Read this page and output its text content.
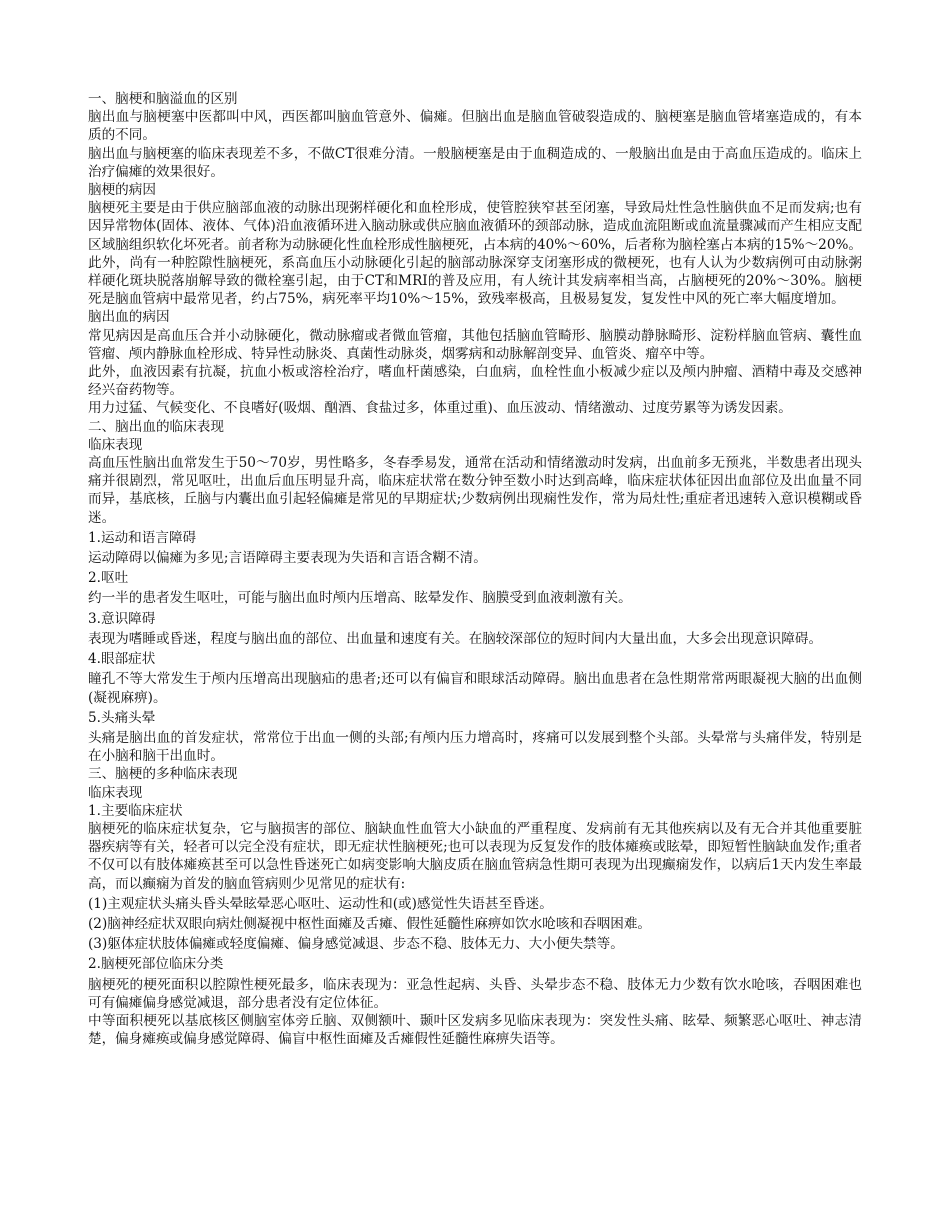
一、脑梗和脑溢血的区别

脑出血与脑梗塞中医都叫中风，西医都叫脑血管意外、偏瘫。但脑出血是脑血管破裂造成的、脑梗塞是脑血管堵塞造成的，有本质的不同。

脑出血与脑梗塞的临床表现差不多，不做CT很难分清。一般脑梗塞是由于血稠造成的、一般脑出血是由于高血压造成的。临床上治疗偏瘫的效果很好。

脑梗的病因

脑梗死主要是由于供应脑部血液的动脉出现粥样硬化和血栓形成，使管腔狭窄甚至闭塞，导致局灶性急性脑供血不足而发病;也有因异常物体(固体、液体、气体)沿血液循环进入脑动脉或供应脑血液循环的颈部动脉，造成血流阻断或血流量骤减而产生相应支配区域脑组织软化坏死者。前者称为动脉硬化性血栓形成性脑梗死，占本病的40%～60%，后者称为脑栓塞占本病的15%～20%。此外，尚有一种腔隙性脑梗死，系高血压小动脉硬化引起的脑部动脉深穿支闭塞形成的微梗死，也有人认为少数病例可由动脉粥样硬化斑块脱落崩解导致的微栓塞引起，由于CT和MRI的普及应用，有人统计其发病率相当高，占脑梗死的20%～30%。脑梗死是脑血管病中最常见者，约占75%，病死率平均10%～15%，致残率极高，且极易复发，复发性中风的死亡率大幅度增加。

脑出血的病因

常见病因是高血压合并小动脉硬化，微动脉瘤或者微血管瘤，其他包括脑血管畸形、脑膜动静脉畸形、淀粉样脑血管病、囊性血管瘤、颅内静脉血栓形成、特异性动脉炎、真菌性动脉炎，烟雾病和动脉解剖变异、血管炎、瘤卒中等。

此外，血液因素有抗凝，抗血小板或溶栓治疗，嗜血杆菌感染，白血病，血栓性血小板减少症以及颅内肿瘤、酒精中毒及交感神经兴奋药物等。

用力过猛、气候变化、不良嗜好(吸烟、酗酒、食盐过多，体重过重)、血压波动、情绪激动、过度劳累等为诱发因素。

二、脑出血的临床表现

临床表现

高血压性脑出血常发生于50～70岁，男性略多，冬春季易发，通常在活动和情绪激动时发病，出血前多无预兆，半数患者出现头痛并很剧烈，常见呕吐，出血后血压明显升高，临床症状常在数分钟至数小时达到高峰，临床症状体征因出血部位及出血量不同而异，基底核，丘脑与内囊出血引起轻偏瘫是常见的早期症状;少数病例出现痫性发作，常为局灶性;重症者迅速转入意识模糊或昏迷。

1.运动和语言障碍

运动障碍以偏瘫为多见;言语障碍主要表现为失语和言语含糊不清。

2.呕吐

约一半的患者发生呕吐，可能与脑出血时颅内压增高、眩晕发作、脑膜受到血液刺激有关。

3.意识障碍

表现为嗜睡或昏迷，程度与脑出血的部位、出血量和速度有关。在脑较深部位的短时间内大量出血，大多会出现意识障碍。

4.眼部症状

瞳孔不等大常发生于颅内压增高出现脑疝的患者;还可以有偏盲和眼球活动障碍。脑出血患者在急性期常常两眼凝视大脑的出血侧(凝视麻痹)。

5.头痛头晕

头痛是脑出血的首发症状，常常位于出血一侧的头部;有颅内压力增高时，疼痛可以发展到整个头部。头晕常与头痛伴发，特别是在小脑和脑干出血时。

三、脑梗的多种临床表现

临床表现

1.主要临床症状

脑梗死的临床症状复杂，它与脑损害的部位、脑缺血性血管大小缺血的严重程度、发病前有无其他疾病以及有无合并其他重要脏器疾病等有关，轻者可以完全没有症状，即无症状性脑梗死;也可以表现为反复发作的肢体瘫痪或眩晕，即短暂性脑缺血发作;重者不仅可以有肢体瘫痪甚至可以急性昏迷死亡如病变影响大脑皮质在脑血管病急性期可表现为出现癫痫发作，以病后1天内发生率最高，而以癫痫为首发的脑血管病则少见常见的症状有:

(1)主观症状头痛头昏头晕眩晕恶心呕吐、运动性和(或)感觉性失语甚至昏迷。

(2)脑神经症状双眼向病灶侧凝视中枢性面瘫及舌瘫、假性延髓性麻痹如饮水呛咳和吞咽困难。

(3)躯体症状肢体偏瘫或轻度偏瘫、偏身感觉减退、步态不稳、肢体无力、大小便失禁等。

2.脑梗死部位临床分类

脑梗死的梗死面积以腔隙性梗死最多，临床表现为：亚急性起病、头昏、头晕步态不稳、肢体无力少数有饮水呛咳，吞咽困难也可有偏瘫偏身感觉减退，部分患者没有定位体征。

中等面积梗死以基底核区侧脑室体旁丘脑、双侧额叶、颞叶区发病多见临床表现为：突发性头痛、眩晕、频繁恶心呕吐、神志清楚，偏身瘫痪或偏身感觉障碍、偏盲中枢性面瘫及舌瘫假性延髓性麻痹失语等。
